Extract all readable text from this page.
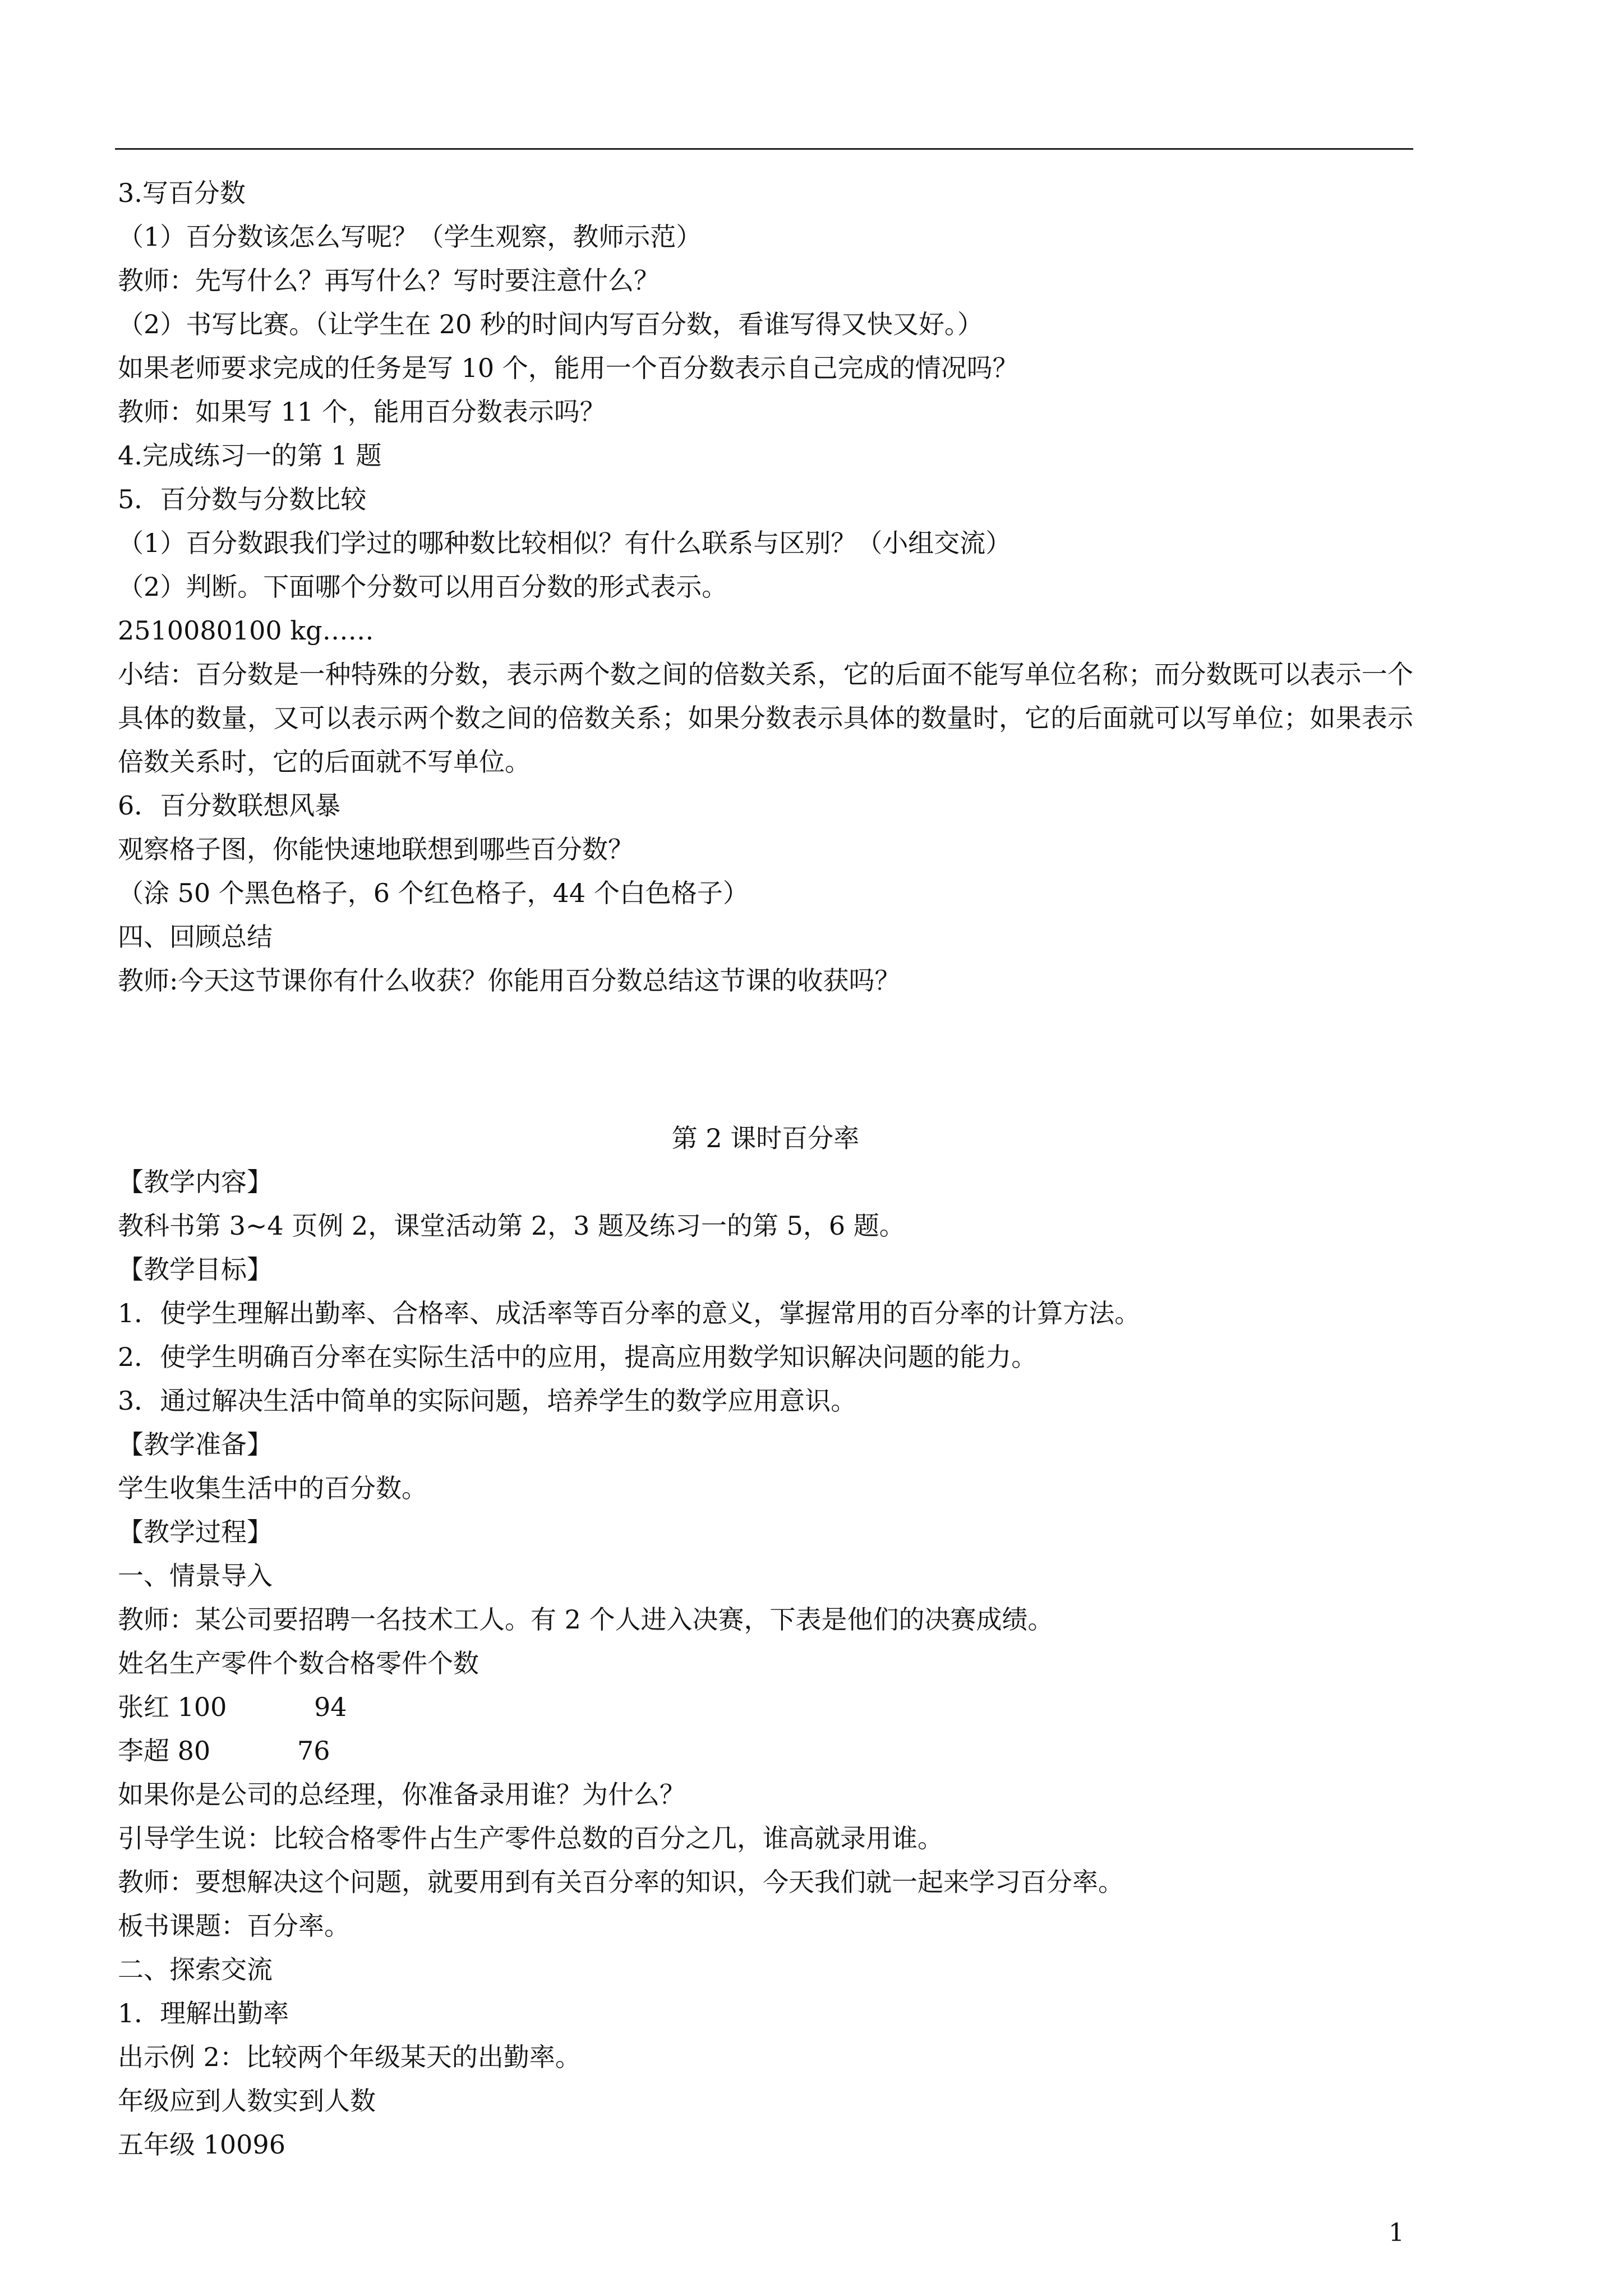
3.写百分数
（1）百分数该怎么写呢？（学生观察，教师示范）
教师：先写什么？再写什么？写时要注意什么？
（2）书写比赛。（让学生在 20 秒的时间内写百分数，看谁写得又快又好。）
如果老师要求完成的任务是写 10 个，能用一个百分数表示自己完成的情况吗？
教师：如果写 11 个，能用百分数表示吗？
4.完成练习一的第 1 题
5．百分数与分数比较
（1）百分数跟我们学过的哪种数比较相似？有什么联系与区别？（小组交流）
（2）判断。下面哪个分数可以用百分数的形式表示。
2510080100 kg……
小结：百分数是一种特殊的分数，表示两个数之间的倍数关系，它的后面不能写单位名称；而分数既可以表示一个具体的数量，又可以表示两个数之间的倍数关系；如果分数表示具体的数量时，它的后面就可以写单位；如果表示倍数关系时，它的后面就不写单位。
6．百分数联想风暴
观察格子图，你能快速地联想到哪些百分数？
（涂 50 个黑色格子，6 个红色格子，44 个白色格子）
四、回顾总结
教师:今天这节课你有什么收获？你能用百分数总结这节课的收获吗？
第 2 课时百分率
【教学内容】
教科书第 3~4 页例 2，课堂活动第 2，3 题及练习一的第 5，6 题。
【教学目标】
1．使学生理解出勤率、合格率、成活率等百分率的意义，掌握常用的百分率的计算方法。
2．使学生明确百分率在实际生活中的应用，提高应用数学知识解决问题的能力。
3．通过解决生活中简单的实际问题，培养学生的数学应用意识。
【教学准备】
学生收集生活中的百分数。
【教学过程】
一、情景导入
教师：某公司要招聘一名技术工人。有 2 个人进入决赛，下表是他们的决赛成绩。
姓名生产零件个数合格零件个数
张红 100	94
李超 80	76
如果你是公司的总经理，你准备录用谁？为什么？
引导学生说：比较合格零件占生产零件总数的百分之几，谁高就录用谁。
教师：要想解决这个问题，就要用到有关百分率的知识，今天我们就一起来学习百分率。
板书课题：百分率。
二、探索交流
1．理解出勤率
出示例 2：比较两个年级某天的出勤率。
年级应到人数实到人数
五年级 10096
1
